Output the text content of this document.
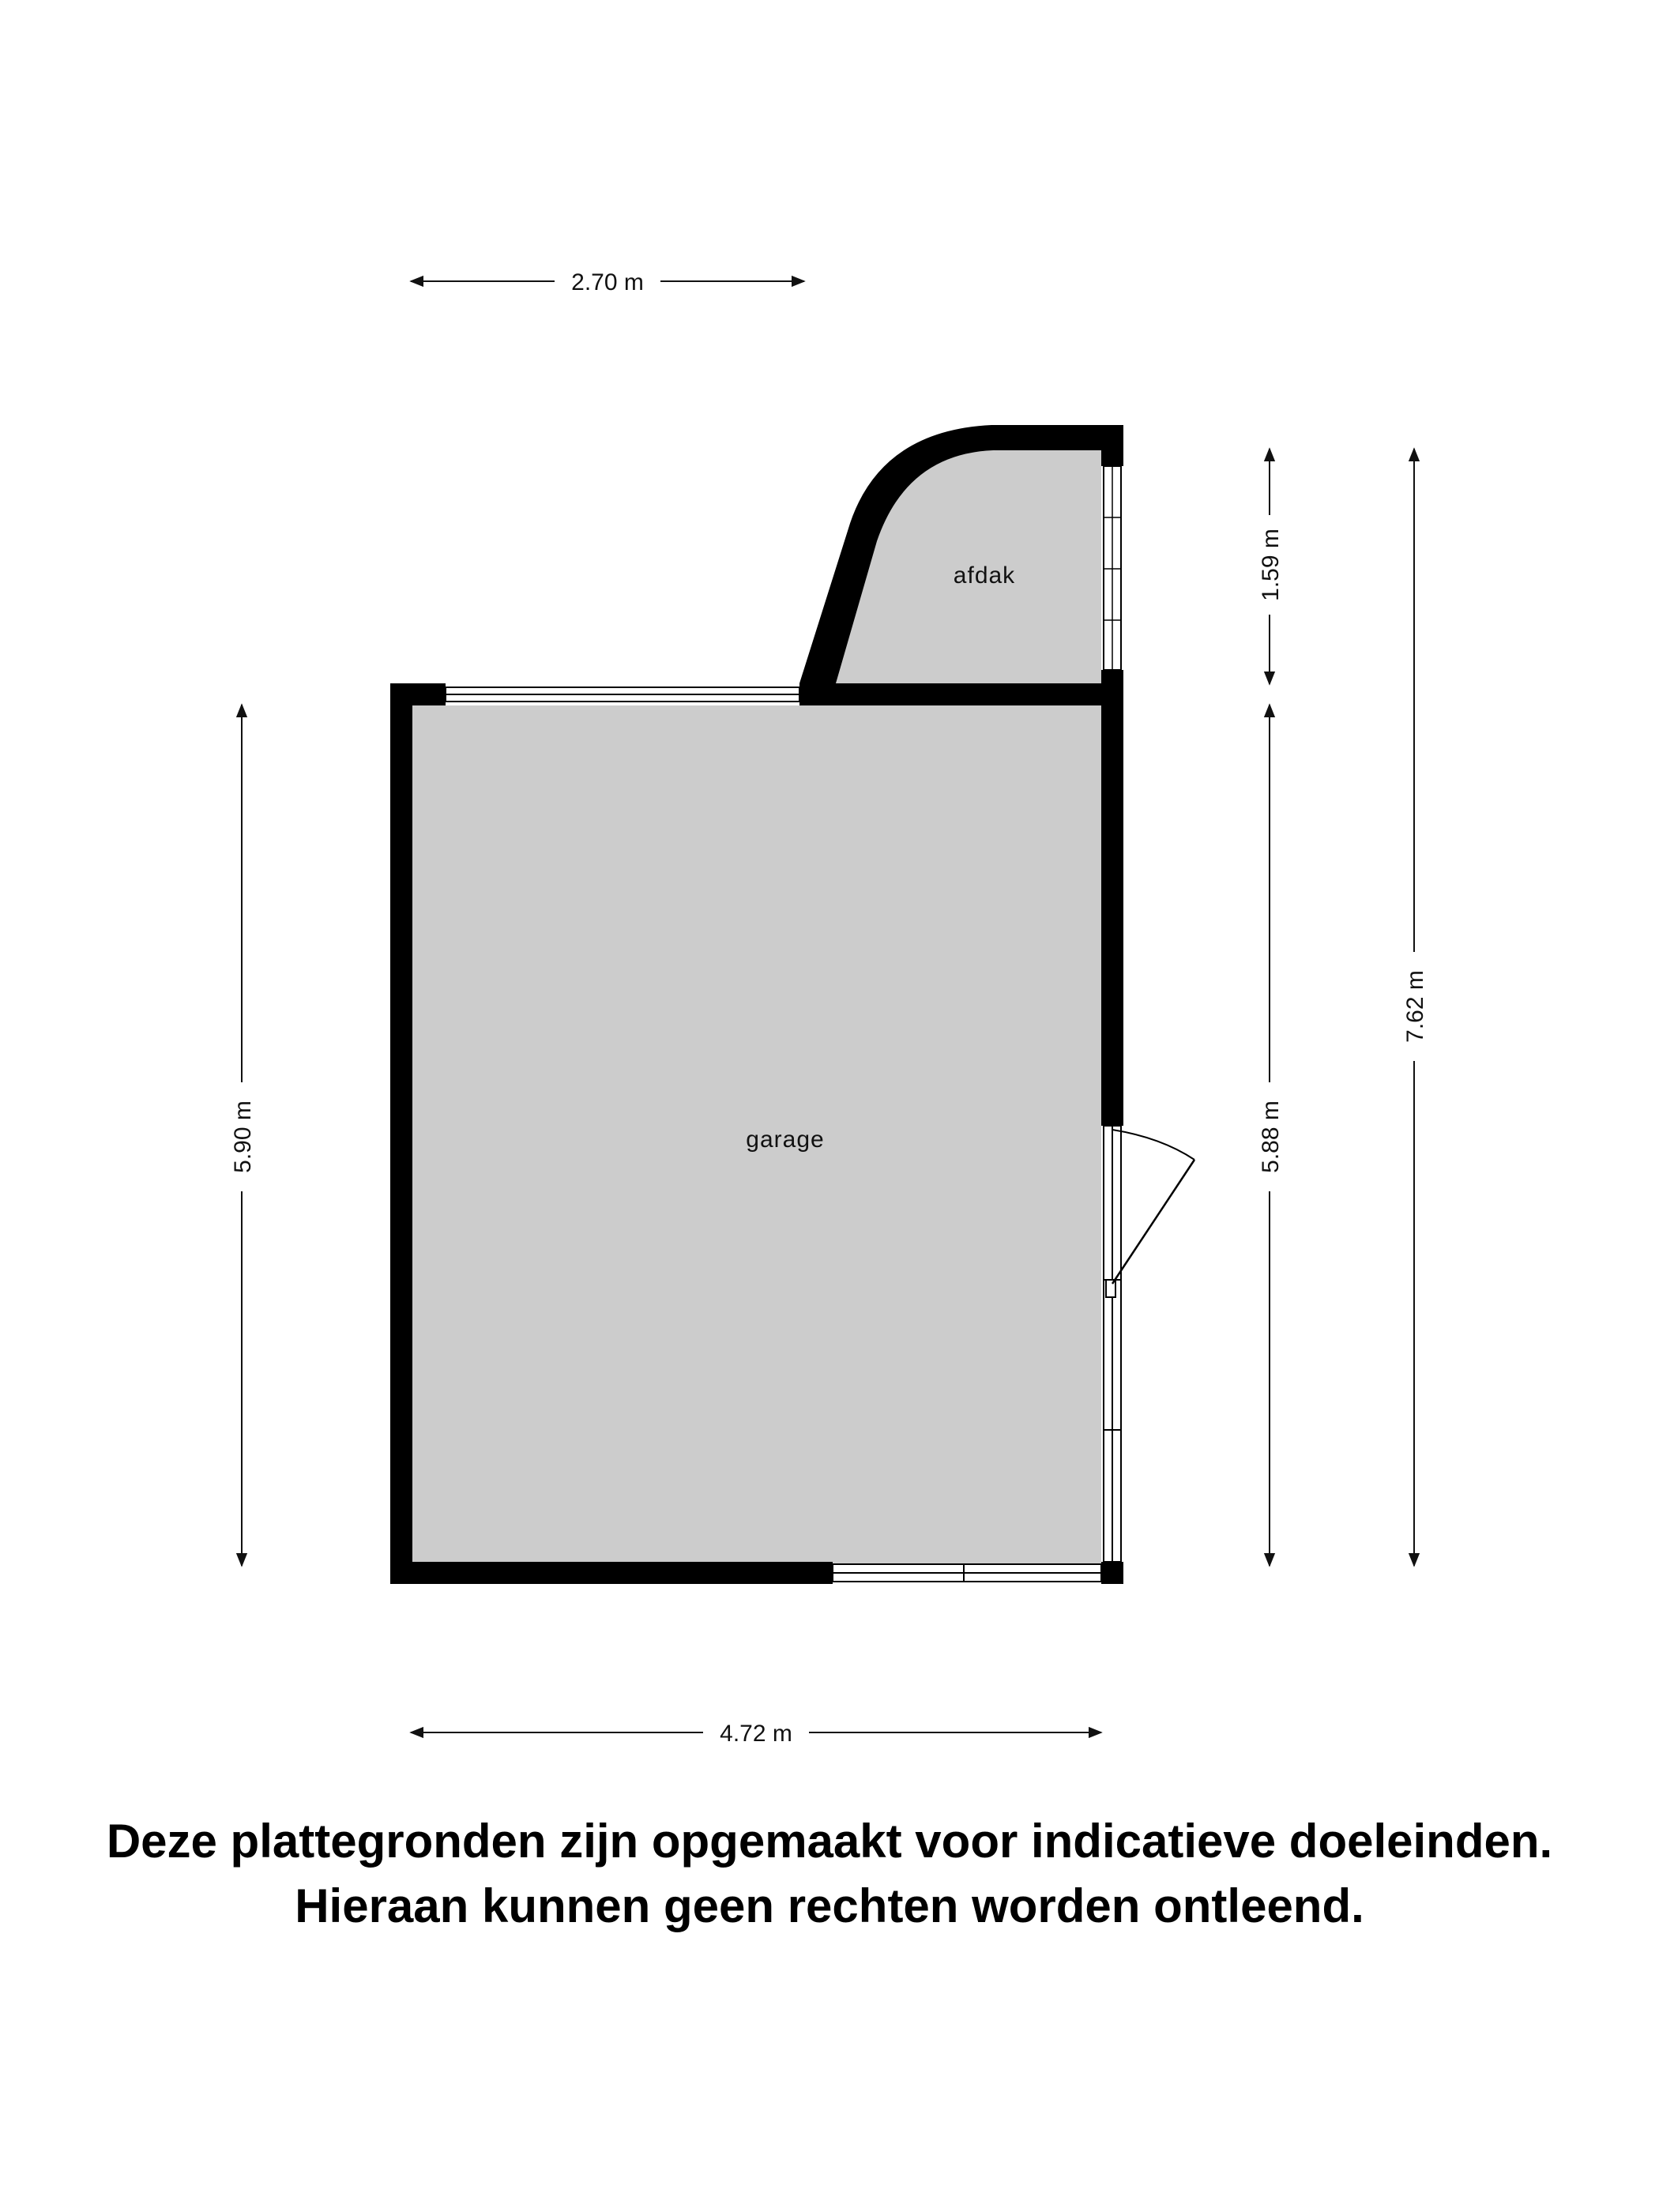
garage
afdak
2.70 m
4.72 m
5.90 m
1.59 m
5.88 m
7.62 m
Deze plattegronden zijn opgemaakt voor indicatieve doeleinden.
Hieraan kunnen geen rechten worden ontleend.
